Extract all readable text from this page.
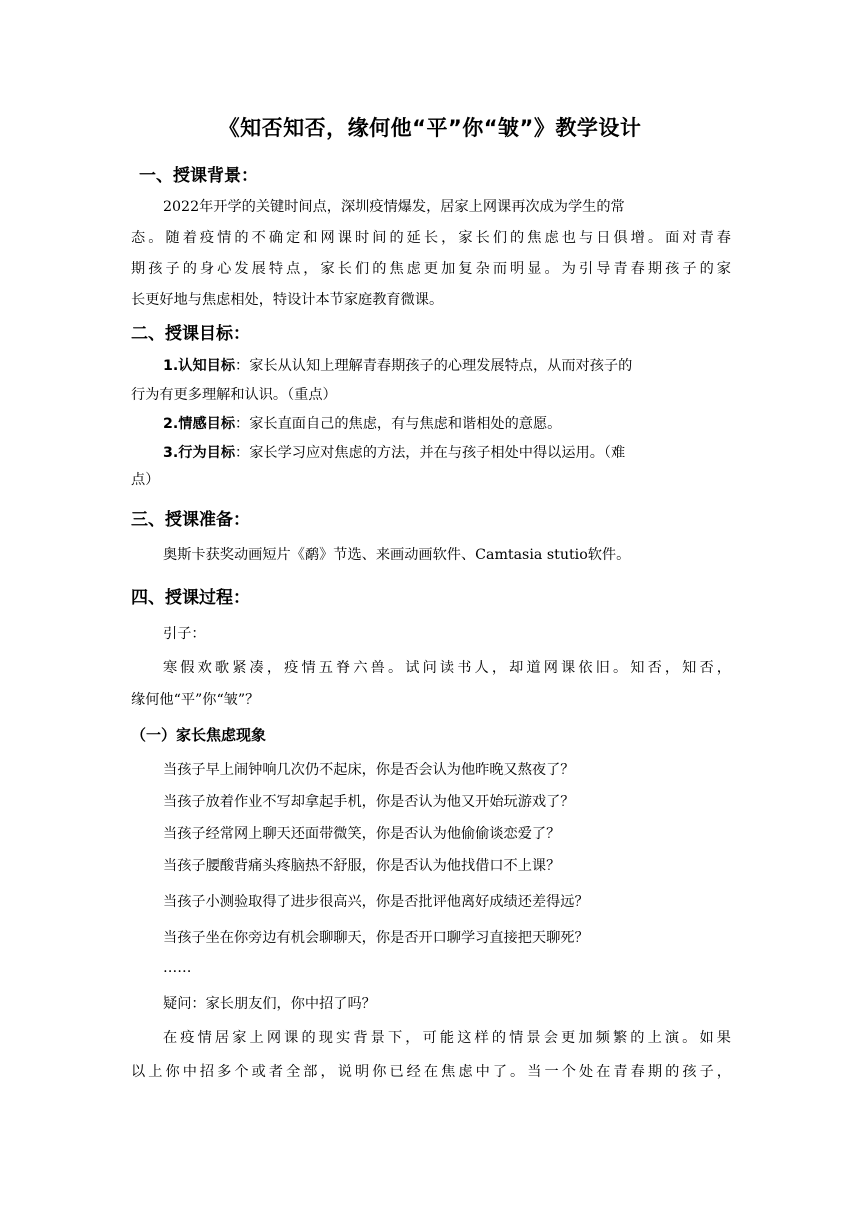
《知否知否，缘何他“平”你“皱”》教学设计
一、授课背景：
2022年开学的关键时间点，深圳疫情爆发，居家上网课再次成为学生的常
态。随着疫情的不确定和网课时间的延长，家长们的焦虑也与日俱增。面对青春
期孩子的身心发展特点，家长们的焦虑更加复杂而明显。为引导青春期孩子的家
长更好地与焦虑相处，特设计本节家庭教育微课。
二、授课目标：
1.认知目标：家长从认知上理解青春期孩子的心理发展特点，从而对孩子的
行为有更多理解和认识。（重点）
2.情感目标：家长直面自己的焦虑，有与焦虑和谐相处的意愿。
3.行为目标：家长学习应对焦虑的方法，并在与孩子相处中得以运用。（难
点）
三、授课准备：
奥斯卡获奖动画短片《鹬》节选、来画动画软件、Camtasia stutio软件。
四、授课过程：
引子：
寒假欢歌紧凑，疫情五脊六兽。试问读书人，却道网课依旧。知否，知否，
缘何他“平”你“皱”？
（一）家长焦虑现象
当孩子早上闹钟响几次仍不起床，你是否会认为他昨晚又熬夜了？
当孩子放着作业不写却拿起手机，你是否认为他又开始玩游戏了？
当孩子经常网上聊天还面带微笑，你是否认为他偷偷谈恋爱了？
当孩子腰酸背痛头疼脑热不舒服，你是否认为他找借口不上课？
当孩子小测验取得了进步很高兴，你是否批评他离好成绩还差得远？
当孩子坐在你旁边有机会聊聊天，你是否开口聊学习直接把天聊死？
……
疑问：家长朋友们，你中招了吗？
在疫情居家上网课的现实背景下，可能这样的情景会更加频繁的上演。如果
以上你中招多个或者全部，说明你已经在焦虑中了。当一个处在青春期的孩子，
